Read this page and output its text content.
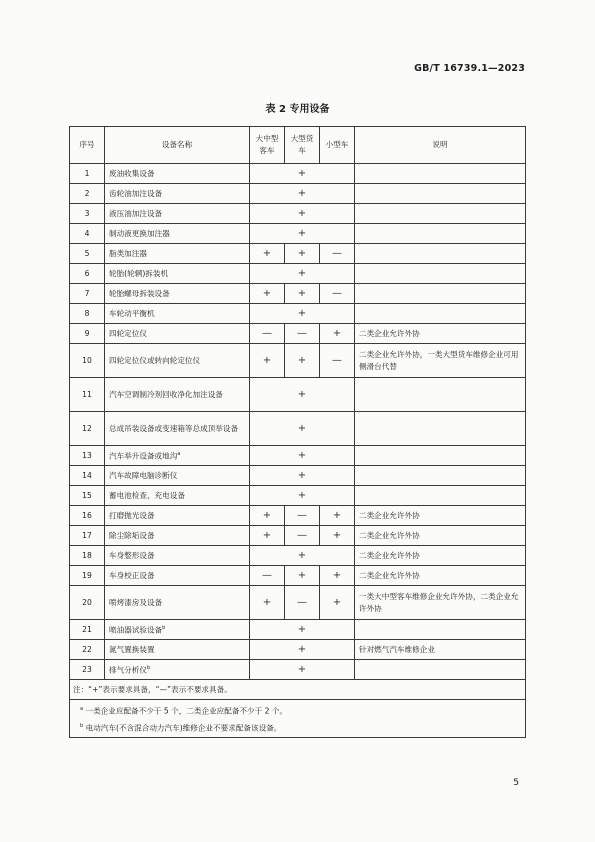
GB/T 16739.1—2023
表 2 专用设备
序号	设备名称	大中型客车	大型货车	小型车	说明
1	废油收集设备	+			
2	齿轮油加注设备	+			
3	液压油加注设备	+			
4	制动液更换加注器	+			
5	脂类加注器	+	+	—	
6	轮胎(轮辋)拆装机	+			
7	轮胎螺母拆装设备	+	+	—	
8	车轮动平衡机	+			
9	四轮定位仪	—	—	+	二类企业允许外协
10	四轮定位仪或转向轮定位仪	+	+	—	二类企业允许外协，一类大型货车维修企业可用侧滑台代替
11	汽车空调制冷剂回收净化加注设备	+			
12	总成吊装设备或变速箱等总成顶举设备	+			
13	汽车举升设备或地沟$^a$	+			
14	汽车故障电脑诊断仪	+			
15	蓄电池检查、充电设备	+			
16	打磨抛光设备	+	—	+	二类企业允许外协
17	除尘除垢设备	+	—	+	二类企业允许外协
18	车身整形设备	+			二类企业允许外协
19	车身校正设备	—	+	+	二类企业允许外协
20	喷烤漆房及设备	+	—	+	一类大中型客车维修企业允许外协，二类企业允许外协
21	喷油器试验设备$^b$	+			
22	氮气置换装置	+			针对燃气汽车维修企业
23	排气分析仪$^b$	+			
注：“+”表示要求具备，“—”表示不要求具备。					

$^a$ 一类企业应配备不少于 5 个，二类企业应配备不少于 2 个。
$^b$ 电动汽车(不含混合动力汽车)维修企业不要求配备该设备。					
5
